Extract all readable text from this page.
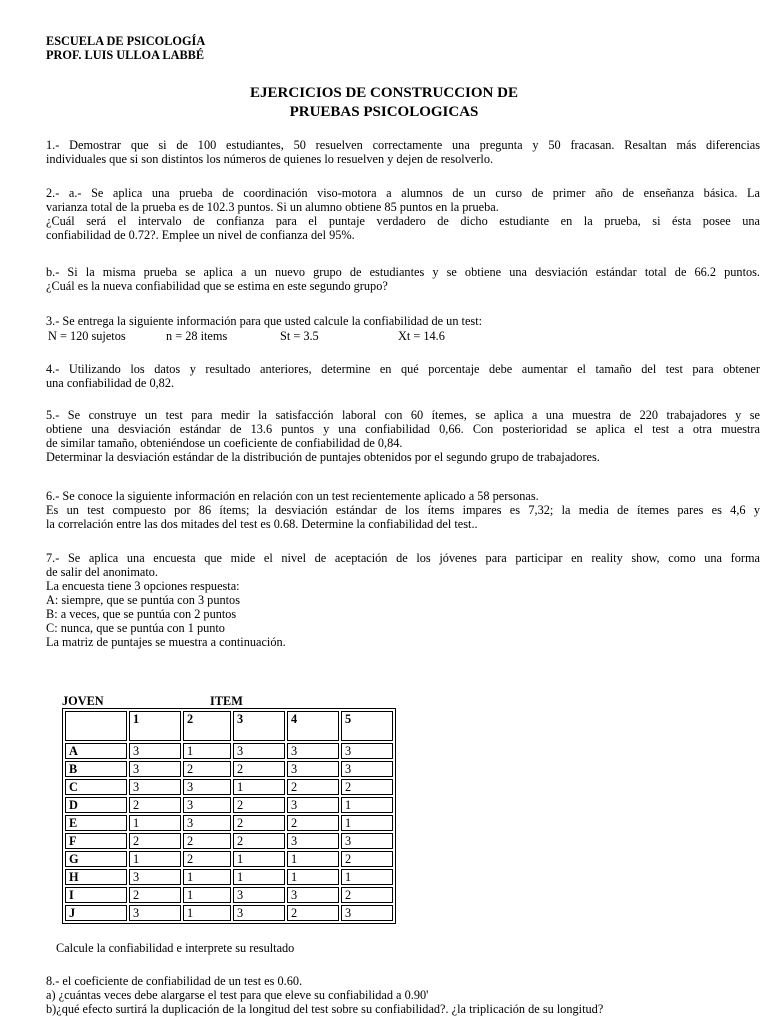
ESCUELA DE PSICOLOGÍA
PROF. LUIS ULLOA LABBÉ
EJERCICIOS DE CONSTRUCCION DE
PRUEBAS PSICOLOGICAS
1.- Demostrar que si de 100 estudiantes, 50 resuelven correctamente una pregunta y 50 fracasan. Resaltan más diferencias
individuales que si son distintos los números de quienes lo resuelven y dejen de resolverlo.
2.- a.- Se aplica una prueba de coordinación viso-motora a alumnos de un curso de primer año de enseñanza básica. La
varianza total de la prueba es de 102.3 puntos. Si un alumno obtiene 85 puntos en la prueba.
¿Cuál será el intervalo de confianza para el puntaje verdadero de dicho estudiante en la prueba, si ésta posee una
confiabilidad de 0.72?. Emplee un nivel de confianza del 95%.
b.- Si la misma prueba se aplica a un nuevo grupo de estudiantes y se obtiene una desviación estándar total de 66.2 puntos.
¿Cuál es la nueva confiabilidad que se estima en este segundo grupo?
3.- Se entrega la siguiente información para que usted calcule la confiabilidad de un test:
N = 120 sujetos	n = 28 items	St = 3.5	Xt = 14.6
4.- Utilizando los datos y resultado anteriores, determine en qué porcentaje debe aumentar el tamaño del test para obtener
una confiabilidad de 0,82.
5.- Se construye un test para medir la satisfacción laboral con 60 ítemes, se aplica a una muestra de 220 trabajadores y se
obtiene una desviación estándar de 13.6 puntos y una confiabilidad 0,66. Con posterioridad se aplica el test a otra muestra
de similar tamaño, obteniéndose un coeficiente de confiabilidad de 0,84.
Determinar la desviación estándar de la distribución de puntajes obtenidos por el segundo grupo de trabajadores.
6.- Se conoce la siguiente información en relación con un test recientemente aplicado a 58 personas.
Es un test compuesto por 86 ítems; la desviación estándar de los ítems impares es 7,32; la media de ítemes pares es 4,6 y
la correlación entre las dos mitades del test es 0.68. Determine la confiabilidad del test..
7.- Se aplica una encuesta que mide el nivel de aceptación de los jóvenes para participar en reality show, como una forma
de salir del anonimato.
La encuesta tiene 3 opciones respuesta:
A: siempre, que se puntúa con 3 puntos
B: a veces, que se puntúa con 2 puntos
C: nunca, que se puntúa con 1 punto
La matriz de puntajes se muestra a continuación.
JOVEN	ITEM
	1	2	3	4	5
A	3	1	3	3	3
B	3	2	2	3	3
C	3	3	1	2	2
D	2	3	2	3	1
E	1	3	2	2	1
F	2	2	2	3	3
G	1	2	1	1	2
H	3	1	1	1	1
I	2	1	3	3	2
J	3	1	3	2	3
Calcule la confiabilidad e interprete su resultado
8.- el coeficiente de confiabilidad de un test es 0.60.
a) ¿cuántas veces debe alargarse el test para que eleve su confiabilidad a 0.90'
b)¿qué efecto surtirá la duplicación de la longitud del test sobre su confiabilidad?. ¿la triplicación de su longitud?
